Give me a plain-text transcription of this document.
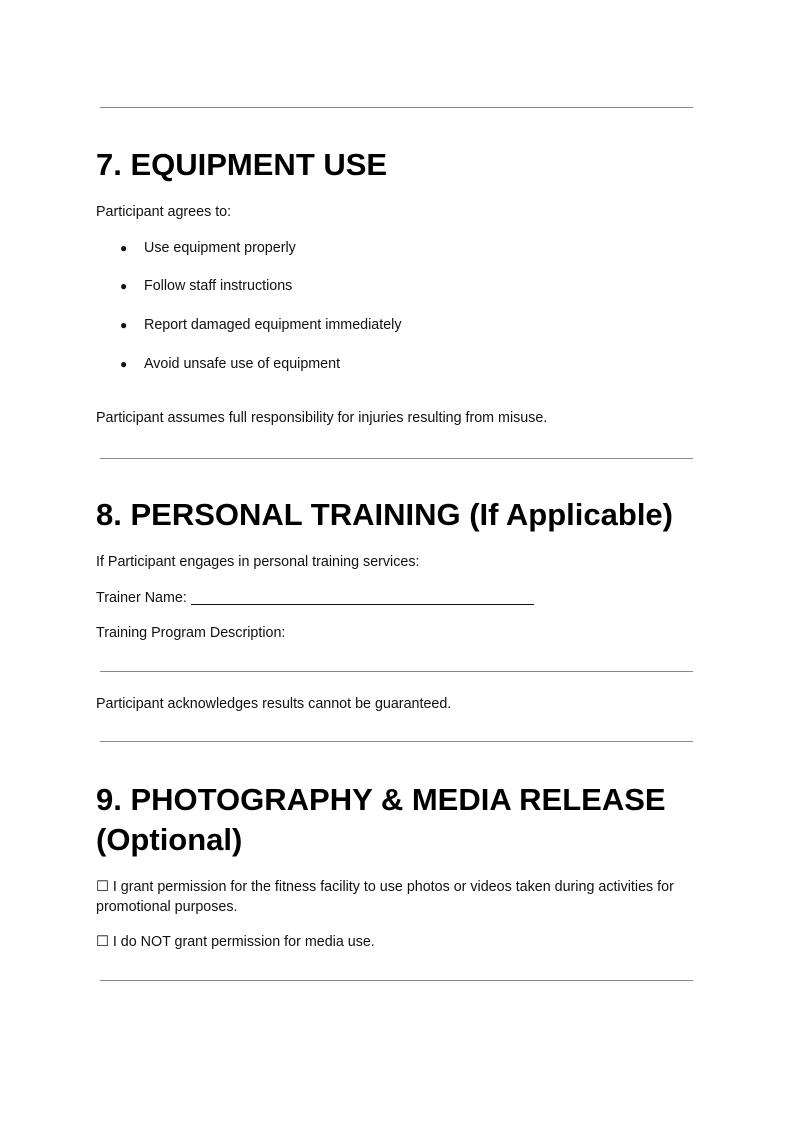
7. EQUIPMENT USE

Participant agrees to:

● Use equipment properly
● Follow staff instructions
● Report damaged equipment immediately
● Avoid unsafe use of equipment

Participant assumes full responsibility for injuries resulting from misuse.

8. PERSONAL TRAINING (If Applicable)

If Participant engages in personal training services:

Trainer Name:

Training Program Description:

Participant acknowledges results cannot be guaranteed.

9. PHOTOGRAPHY & MEDIA RELEASE
(Optional)

☐ I grant permission for the fitness facility to use photos or videos taken during activities for
promotional purposes.

☐ I do NOT grant permission for media use.
